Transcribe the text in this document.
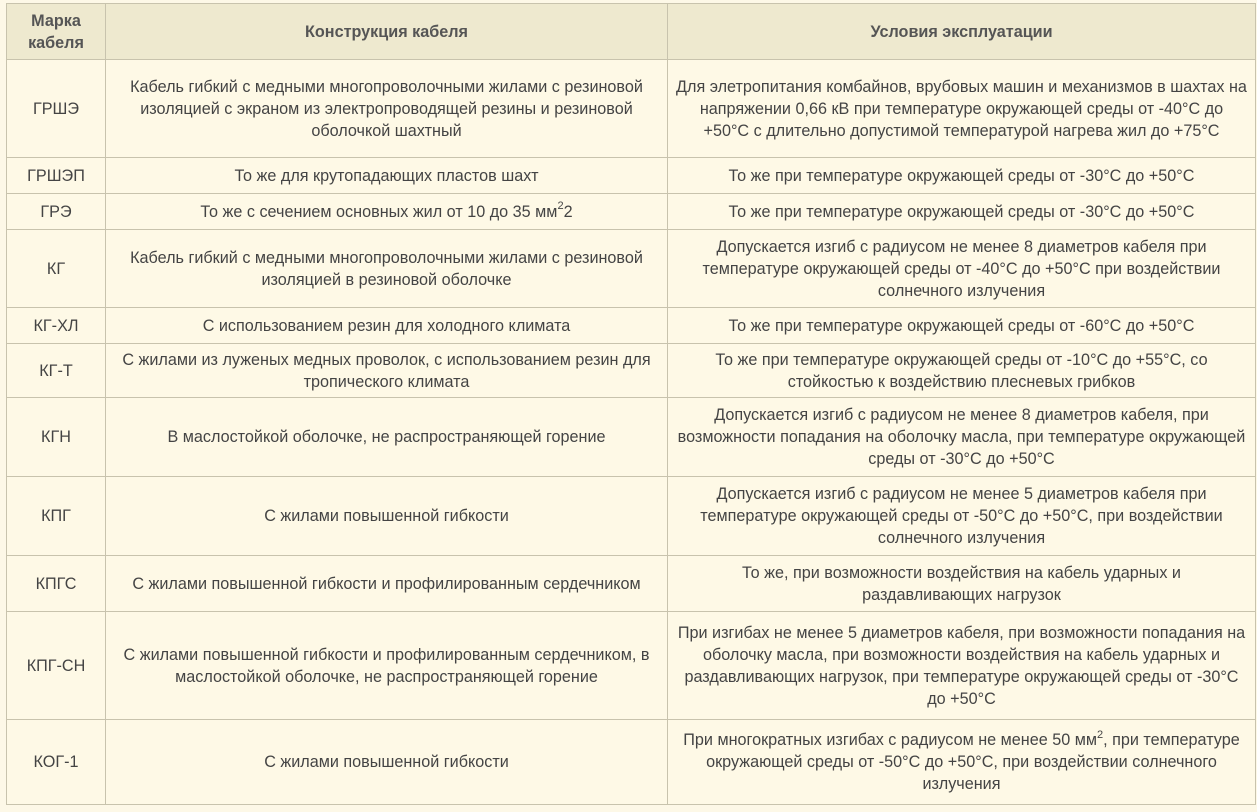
Марка кабеля	Конструкция кабеля	Условия эксплуатации
ГРШЭ	Кабель гибкий с медными многопроволочными жилами с резиновой изоляцией с экраном из электропроводящей резины и резиновой оболочкой шахтный	Для элетропитания комбайнов, врубовых машин и механизмов в шахтах на напряжении 0,66 кВ при температуре окружающей среды от -40°С до +50°С с длительно допустимой температурой нагрева жил до +75°С
ГРШЭП	То же для крутопадающих пластов шахт	То же при температуре окружающей среды от -30°С до +50°С
ГРЭ	То же с сечением основных жил от 10 до 35 $мм^22$	То же при температуре окружающей среды от -30°С до +50°С
КГ	Кабель гибкий с медными многопроволочными жилами с резиновой изоляцией в резиновой оболочке	Допускается изгиб с радиусом не менее 8 диаметров кабеля при температуре окружающей среды от -40°С до +50°С при воздействии солнечного излучения
КГ-ХЛ	С использованием резин для холодного климата	То же при температуре окружающей среды от -60°С до +50°С
КГ-Т	С жилами из луженых медных проволок, с использованием резин для тропического климата	То же при температуре окружающей среды от -10°С до +55°С, со стойкостью к воздействию плесневых грибков
КГН	В маслостойкой оболочке, не распространяющей горение	Допускается изгиб с радиусом не менее 8 диаметров кабеля, при возможности попадания на оболочку масла, при температуре окружающей среды от -30°С до +50°С
КПГ	С жилами повышенной гибкости	Допускается изгиб с радиусом не менее 5 диаметров кабеля при температуре окружающей среды от -50°С до +50°С, при воздействии солнечного излучения
КПГС	С жилами повышенной гибкости и профилированным сердечником	То же, при возможности воздействия на кабель ударных и раздавливающих нагрузок
КПГ-СН	С жилами повышенной гибкости и профилированным сердечником, в маслостойкой оболочке, не распространяющей горение	При изгибах не менее 5 диаметров кабеля, при возможности попадания на оболочку масла, при возможности воздействия на кабель ударных и раздавливающих нагрузок, при температуре окружающей среды от -30°С до +50°С
КОГ-1	С жилами повышенной гибкости	При многократных изгибах с радиусом не менее 50 $мм^2$, при температуре окружающей среды от -50°С до +50°С, при воздействии солнечного излучения
